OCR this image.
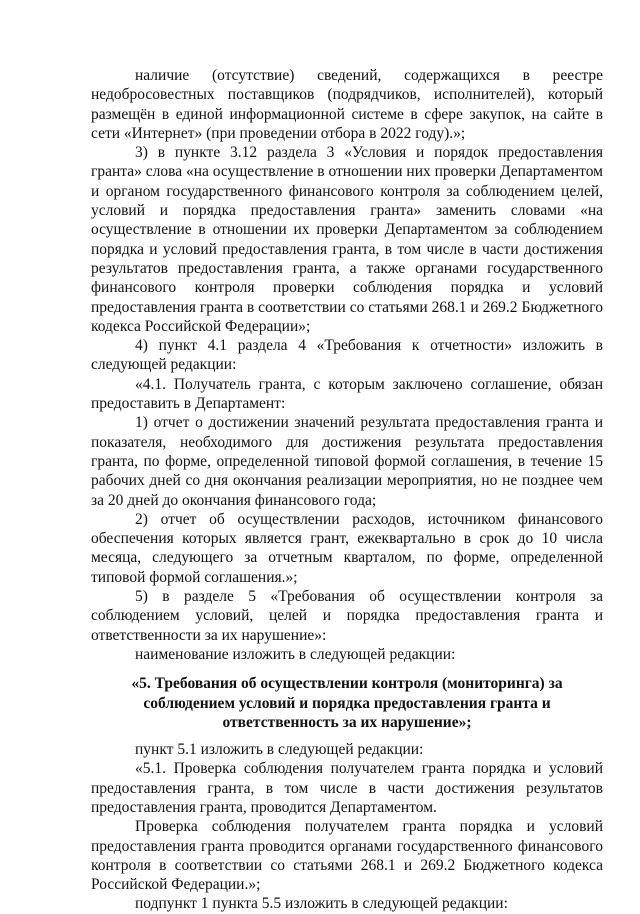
наличие (отсутствие) сведений, содержащихся в реестре недобросовестных поставщиков (подрядчиков, исполнителей), который размещён в единой информационной системе в сфере закупок, на сайте в сети «Интернет» (при проведении отбора в 2022 году).»;

3) в пункте 3.12 раздела 3 «Условия и порядок предоставления гранта» слова «на осуществление в отношении них проверки Департаментом и органом государственного финансового контроля за соблюдением целей, условий и порядка предоставления гранта» заменить словами «на осуществление в отношении их проверки Департаментом за соблюдением порядка и условий предоставления гранта, в том числе в части достижения результатов предоставления гранта, а также органами государственного финансового контроля проверки соблюдения порядка и условий предоставления гранта в соответствии со статьями 268.1 и 269.2 Бюджетного кодекса Российской Федерации»;

4) пункт 4.1 раздела 4 «Требования к отчетности» изложить в следующей редакции:

«4.1. Получатель гранта, с которым заключено соглашение, обязан предоставить в Департамент:

1) отчет о достижении значений результата предоставления гранта и показателя, необходимого для достижения результата предоставления гранта, по форме, определенной типовой формой соглашения, в течение 15 рабочих дней со дня окончания реализации мероприятия, но не позднее чем за 20 дней до окончания финансового года;

2) отчет об осуществлении расходов, источником финансового обеспечения которых является грант, ежеквартально в срок до 10 числа месяца, следующего за отчетным кварталом, по форме, определенной типовой формой соглашения.»;

5) в разделе 5 «Требования об осуществлении контроля за соблюдением условий, целей и порядка предоставления гранта и ответственности за их нарушение»:

наименование изложить в следующей редакции:

«5. Требования об осуществлении контроля (мониторинга) за соблюдением условий и порядка предоставления гранта и ответственность за их нарушение»;

пункт 5.1 изложить в следующей редакции:

«5.1. Проверка соблюдения получателем гранта порядка и условий предоставления гранта, в том числе в части достижения результатов предоставления гранта, проводится Департаментом.

Проверка соблюдения получателем гранта порядка и условий предоставления гранта проводится органами государственного финансового контроля в соответствии со статьями 268.1 и 269.2 Бюджетного кодекса Российской Федерации.»;

подпункт 1 пункта 5.5 изложить в следующей редакции:
